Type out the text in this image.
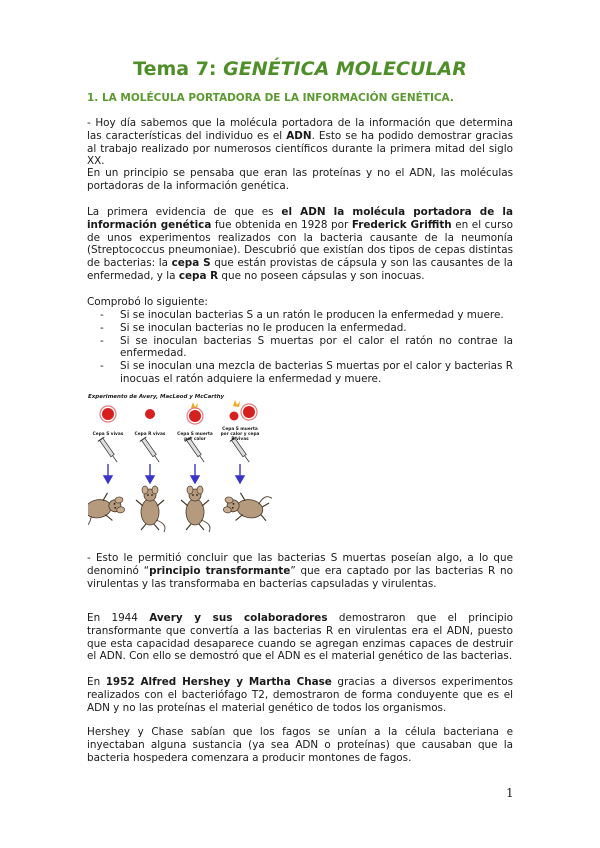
Tema 7: GENÉTICA MOLECULAR
1. LA MOLÉCULA PORTADORA DE LA INFORMACIÓN GENÉTICA.

- Hoy día sabemos que la molécula portadora de la información que determina las características del individuo es el ADN. Esto se ha podido demostrar gracias al trabajo realizado por numerosos científicos durante la primera mitad del siglo XX.

En un principio se pensaba que eran las proteínas y no el ADN, las moléculas portadoras de la información genética.

La primera evidencia de que es el ADN la molécula portadora de la información genética fue obtenida en 1928 por Frederick Griffith en el curso de unos experimentos realizados con la bacteria causante de la neumonía (Streptococcus pneumoniae). Descubrió que existían dos tipos de cepas distintas de bacterias: la cepa S que están provistas de cápsula y son las causantes de la enfermedad, y la cepa R que no poseen cápsulas y son inocuas.

Comprobó lo siguiente:

- Si se inoculan bacterias S a un ratón le producen la enfermedad y muere.
- Si se inoculan bacterias no le producen la enfermedad.
- Si se inoculan bacterias S muertas por el calor el ratón no contrae la enfermedad.
- Si se inoculan una mezcla de bacterias S muertas por el calor y bacterias R inocuas el ratón adquiere la enfermedad y muere.
Experimento de Avery, MacLeod y McCarthy
Cepa S vivas	Cepa R vivas	Cepa S muerta por calor
Cepa S muerta por calor y cepa R vivas

- Esto le permitió concluir que las bacterias S muertas poseían algo, a lo que denominó “principio transformante” que era captado por las bacterias R no virulentas y las transformaba en bacterias capsuladas y virulentas.

En 1944 Avery y sus colaboradores demostraron que el principio transformante que convertía a las bacterias R en virulentas era el ADN, puesto que esta capacidad desaparece cuando se agregan enzimas capaces de destruir el ADN. Con ello se demostró que el ADN es el material genético de las bacterias.

En 1952 Alfred Hershey y Martha Chase gracias a diversos experimentos realizados con el bacteriófago T2, demostraron de forma conduyente que es el ADN y no las proteínas el material genético de todos los organismos.

Hershey y Chase sabían que los fagos se unían a la célula bacteriana e inyectaban alguna sustancia (ya sea ADN o proteínas) que causaban que la bacteria hospedera comenzara a producir montones de fagos.

1
